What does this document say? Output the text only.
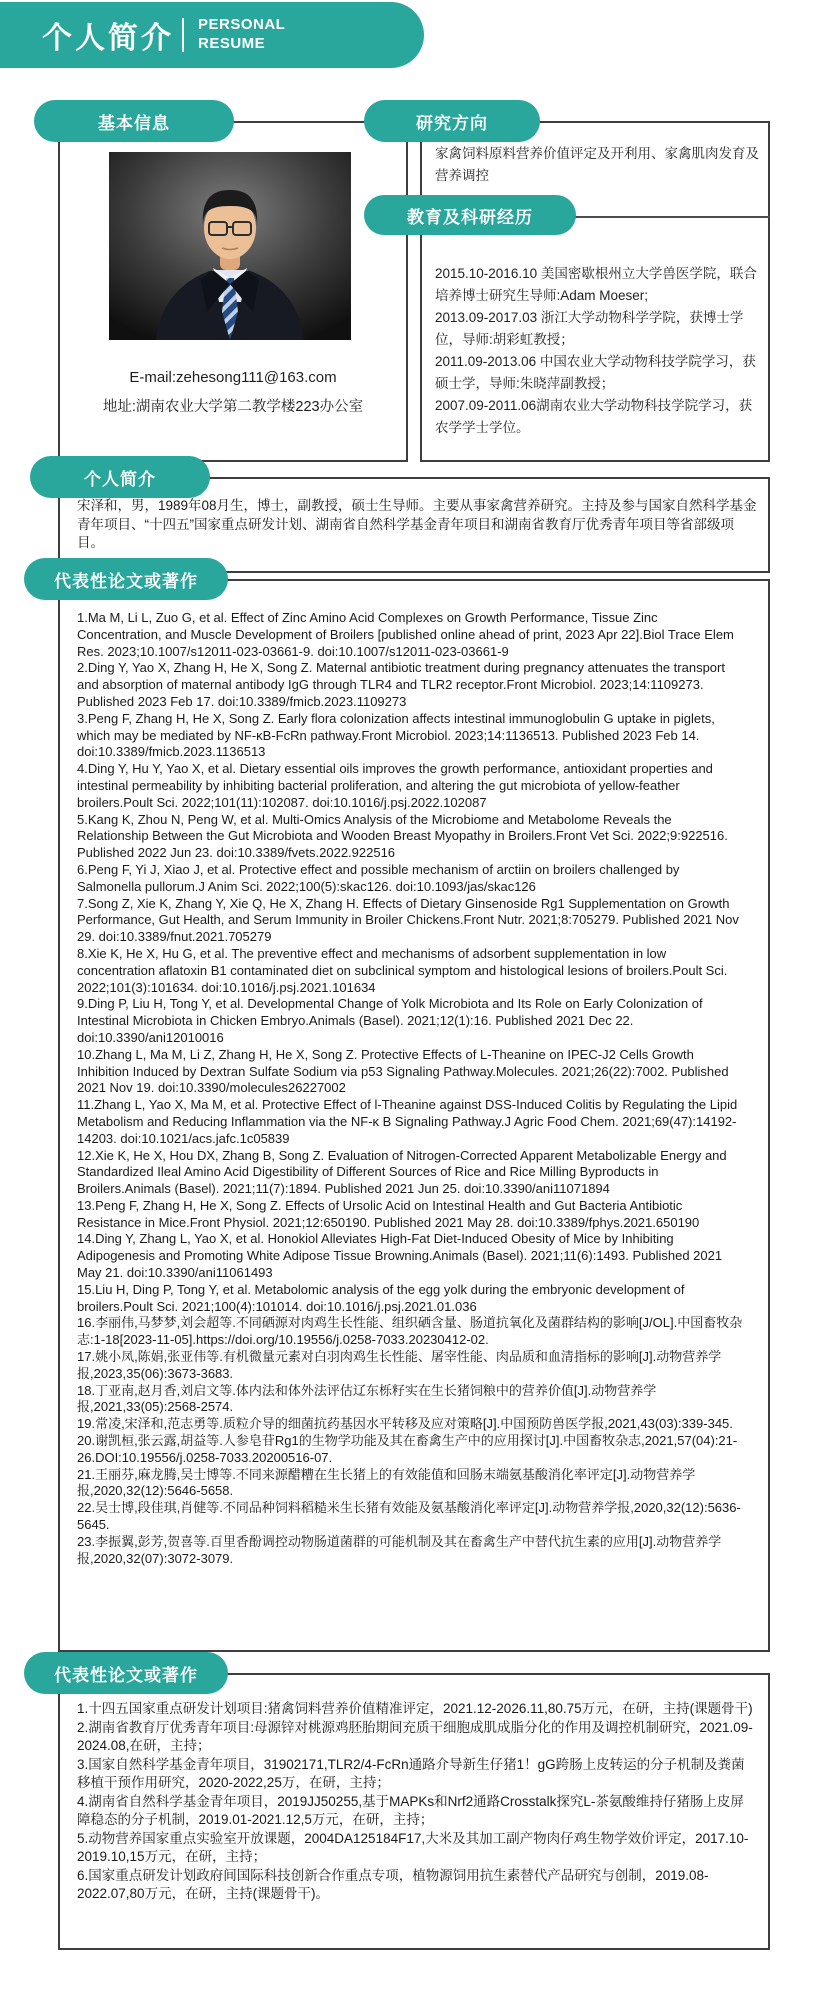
个人简介 PERSONAL
RESUME
基本信息	研究方向
教育及科研经历
个人简介
代表性论文或著作
代表性论文或著作
E-mail:zehesong111@163.com
地址:湖南农业大学第二教学楼223办公室
家禽饲料原料营养价值评定及开利用、家禽肌肉发育及营养调控

2015.10-2016.10 美国密歇根州立大学兽医学院，联合培养博士研究生导师:Adam Moeser;

2013.09-2017.03 浙江大学动物科学学院，获博士学位，导师:胡彩虹教授；

2011.09-2013.06 中国农业大学动物科技学院学习，获硕士学，导师:朱晓萍副教授；

2007.09-2011.06湖南农业大学动物科技学院学习，获农学学士学位。

宋泽和，男，1989年08月生，博士，副教授，硕士生导师。主要从事家禽营养研究。主持及参与国家自然科学基金青年项目、“十四五”国家重点研发计划、湖南省自然科学基金青年项目和湖南省教育厅优秀青年项目等省部级项目。

1.Ma M, Li L, Zuo G, et al. Effect of Zinc Amino Acid Complexes on Growth Performance, Tissue Zinc Concentration, and Muscle Development of Broilers [published online ahead of print, 2023 Apr 22].Biol Trace Elem Res. 2023;10.1007/s12011-023-03661-9. doi:10.1007/s12011-023-03661-9

2.Ding Y, Yao X, Zhang H, He X, Song Z. Maternal antibiotic treatment during pregnancy attenuates the transport and absorption of maternal antibody IgG through TLR4 and TLR2 receptor.Front Microbiol. 2023;14:1109273. Published 2023 Feb 17. doi:10.3389/fmicb.2023.1109273

3.Peng F, Zhang H, He X, Song Z. Early flora colonization affects intestinal immunoglobulin G uptake in piglets, which may be mediated by NF-κB-FcRn pathway.Front Microbiol. 2023;14:1136513. Published 2023 Feb 14. doi:10.3389/fmicb.2023.1136513

4.Ding Y, Hu Y, Yao X, et al. Dietary essential oils improves the growth performance, antioxidant properties and intestinal permeability by inhibiting bacterial proliferation, and altering the gut microbiota of yellow-feather broilers.Poult Sci. 2022;101(11):102087. doi:10.1016/j.psj.2022.102087

5.Kang K, Zhou N, Peng W, et al. Multi-Omics Analysis of the Microbiome and Metabolome Reveals the Relationship Between the Gut Microbiota and Wooden Breast Myopathy in Broilers.Front Vet Sci. 2022;9:922516. Published 2022 Jun 23. doi:10.3389/fvets.2022.922516

6.Peng F, Yi J, Xiao J, et al. Protective effect and possible mechanism of arctiin on broilers challenged by Salmonella pullorum.J Anim Sci. 2022;100(5):skac126. doi:10.1093/jas/skac126

7.Song Z, Xie K, Zhang Y, Xie Q, He X, Zhang H. Effects of Dietary Ginsenoside Rg1 Supplementation on Growth Performance, Gut Health, and Serum Immunity in Broiler Chickens.Front Nutr. 2021;8:705279. Published 2021 Nov 29. doi:10.3389/fnut.2021.705279

8.Xie K, He X, Hu G, et al. The preventive effect and mechanisms of adsorbent supplementation in low concentration aflatoxin B1 contaminated diet on subclinical symptom and histological lesions of broilers.Poult Sci. 2022;101(3):101634. doi:10.1016/j.psj.2021.101634

9.Ding P, Liu H, Tong Y, et al. Developmental Change of Yolk Microbiota and Its Role on Early Colonization of Intestinal Microbiota in Chicken Embryo.Animals (Basel). 2021;12(1):16. Published 2021 Dec 22. doi:10.3390/ani12010016

10.Zhang L, Ma M, Li Z, Zhang H, He X, Song Z. Protective Effects of L-Theanine on IPEC-J2 Cells Growth Inhibition Induced by Dextran Sulfate Sodium via p53 Signaling Pathway.Molecules. 2021;26(22):7002. Published 2021 Nov 19. doi:10.3390/molecules26227002

11.Zhang L, Yao X, Ma M, et al. Protective Effect of l-Theanine against DSS-Induced Colitis by Regulating the Lipid Metabolism and Reducing Inflammation via the NF-κ B Signaling Pathway.J Agric Food Chem. 2021;69(47):14192-14203. doi:10.1021/acs.jafc.1c05839

12.Xie K, He X, Hou DX, Zhang B, Song Z. Evaluation of Nitrogen-Corrected Apparent Metabolizable Energy and Standardized Ileal Amino Acid Digestibility of Different Sources of Rice and Rice Milling Byproducts in Broilers.Animals (Basel). 2021;11(7):1894. Published 2021 Jun 25. doi:10.3390/ani11071894

13.Peng F, Zhang H, He X, Song Z. Effects of Ursolic Acid on Intestinal Health and Gut Bacteria Antibiotic Resistance in Mice.Front Physiol. 2021;12:650190. Published 2021 May 28. doi:10.3389/fphys.2021.650190

14.Ding Y, Zhang L, Yao X, et al. Honokiol Alleviates High-Fat Diet-Induced Obesity of Mice by Inhibiting Adipogenesis and Promoting White Adipose Tissue Browning.Animals (Basel). 2021;11(6):1493. Published 2021 May 21. doi:10.3390/ani11061493

15.Liu H, Ding P, Tong Y, et al. Metabolomic analysis of the egg yolk during the embryonic development of broilers.Poult Sci. 2021;100(4):101014. doi:10.1016/j.psj.2021.01.036

16.李丽伟,马梦梦,刘会超等.不同硒源对肉鸡生长性能、组织硒含量、肠道抗氧化及菌群结构的影响[J/OL].中国畜牧杂志:1-18[2023-11-05].https://doi.org/10.19556/j.0258-7033.20230412-02.

17.姚小凤,陈娟,张亚伟等.有机微量元素对白羽肉鸡生长性能、屠宰性能、肉品质和血清指标的影响[J].动物营养学报,2023,35(06):3673-3683.

18.丁亚南,赵月香,刘启文等.体内法和体外法评估辽东栎籽实在生长猪饲粮中的营养价值[J].动物营养学报,2021,33(05):2568-2574.

19.常凌,宋泽和,范志勇等.质粒介导的细菌抗药基因水平转移及应对策略[J].中国预防兽医学报,2021,43(03):339-345.

20.谢凯桓,张云露,胡益等.人参皂苷Rg1的生物学功能及其在畜禽生产中的应用探讨[J].中国畜牧杂志,2021,57(04):21-26.DOI:10.19556/j.0258-7033.20200516-07.

21.王丽芬,麻龙腾,吴士博等.不同来源醋糟在生长猪上的有效能值和回肠末端氨基酸消化率评定[J].动物营养学报,2020,32(12):5646-5658.

22.吴士博,段佳琪,肖健等.不同品种饲料稻糙米生长猪有效能及氨基酸消化率评定[J].动物营养学报,2020,32(12):5636-5645.

23.李振翼,彭芳,贺喜等.百里香酚调控动物肠道菌群的可能机制及其在畜禽生产中替代抗生素的应用[J].动物营养学报,2020,32(07):3072-3079.

1.十四五国家重点研发计划项目:猪禽饲料营养价值精准评定，2021.12-2026.11,80.75万元，在研，主持(课题骨干)

2.湖南省教育厅优秀青年项目:母源锌对桃源鸡胚胎期间充质干细胞成肌成脂分化的作用及调控机制研究，2021.09-2024.08,在研，主持；

3.国家自然科学基金青年项目，31902171,TLR2/4-FcRn通路介导新生仔猪1！gG跨肠上皮转运的分子机制及粪菌移植干预作用研究，2020-2022,25万，在研，主持；

4.湖南省自然科学基金青年项目，2019JJ50255,基于MAPKs和Nrf2通路Crosstalk探究L-茶氨酸维持仔猪肠上皮屏障稳态的分子机制，2019.01-2021.12,5万元，在研，主持；

5.动物营养国家重点实验室开放课题，2004DA125184F17,大米及其加工副产物肉仔鸡生物学效价评定，2017.10-2019.10,15万元，在研，主持；

6.国家重点研发计划政府间国际科技创新合作重点专项，植物源饲用抗生素替代产品研究与创制，2019.08-2022.07,80万元，在研，主持(课题骨干)。
